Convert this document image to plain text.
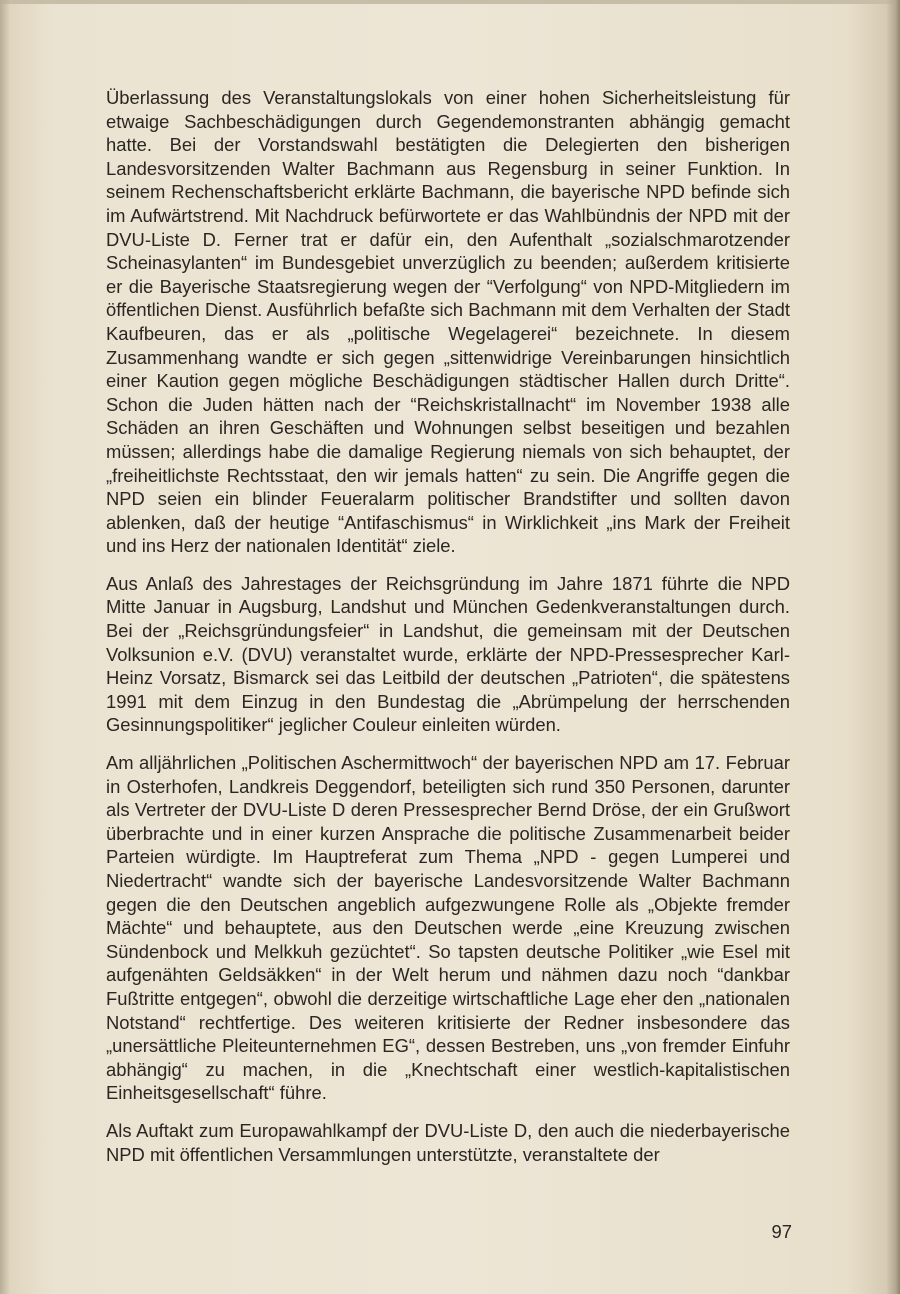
Überlassung des Veranstaltungslokals von einer hohen Sicherheitsleistung für etwaige Sachbeschädigungen durch Gegendemonstranten abhängig gemacht hatte. Bei der Vorstandswahl bestätigten die Delegierten den bisherigen Landesvorsitzenden Walter Bachmann aus Regensburg in seiner Funktion. In seinem Rechenschaftsbericht erklärte Bachmann, die bayerische NPD befinde sich im Aufwärtstrend. Mit Nachdruck befürwortete er das Wahlbündnis der NPD mit der DVU-Liste D. Ferner trat er dafür ein, den Aufenthalt „sozialschmarotzender Scheinasylanten“ im Bundesgebiet unverzüglich zu beenden; außerdem kritisierte er die Bayerische Staatsregierung wegen der “Verfolgung“ von NPD-Mitgliedern im öffentlichen Dienst. Ausführlich befaßte sich Bachmann mit dem Verhalten der Stadt Kaufbeuren, das er als „politische Wegelagerei“ bezeichnete. In diesem Zusammenhang wandte er sich gegen „sittenwidrige Vereinbarungen hinsichtlich einer Kaution gegen mögliche Beschädigungen städtischer Hallen durch Dritte“. Schon die Juden hätten nach der “Reichskristallnacht“ im November 1938 alle Schäden an ihren Geschäften und Wohnungen selbst beseitigen und bezahlen müssen; allerdings habe die damalige Regierung niemals von sich behauptet, der „freiheitlichste Rechtsstaat, den wir jemals hatten“ zu sein. Die Angriffe gegen die NPD seien ein blinder Feueralarm politischer Brandstifter und sollten davon ablenken, daß der heutige “Antifaschismus“ in Wirklichkeit „ins Mark der Freiheit und ins Herz der nationalen Identität“ ziele.

Aus Anlaß des Jahrestages der Reichsgründung im Jahre 1871 führte die NPD Mitte Januar in Augsburg, Landshut und München Gedenkveranstaltungen durch. Bei der „Reichsgründungsfeier“ in Landshut, die gemeinsam mit der Deutschen Volksunion e.V. (DVU) veranstaltet wurde, erklärte der NPD-Pressesprecher Karl-Heinz Vorsatz, Bismarck sei das Leitbild der deutschen „Patrioten“, die spätestens 1991 mit dem Einzug in den Bundestag die „Abrümpelung der herrschenden Gesinnungspolitiker“ jeglicher Couleur einleiten würden.

Am alljährlichen „Politischen Aschermittwoch“ der bayerischen NPD am 17. Februar in Osterhofen, Landkreis Deggendorf, beteiligten sich rund 350 Personen, darunter als Vertreter der DVU-Liste D deren Pressesprecher Bernd Dröse, der ein Grußwort überbrachte und in einer kurzen Ansprache die politische Zusammenarbeit beider Parteien würdigte. Im Hauptreferat zum Thema „NPD - gegen Lumperei und Niedertracht“ wandte sich der bayerische Landesvorsitzende Walter Bachmann gegen die den Deutschen angeblich aufgezwungene Rolle als „Objekte fremder Mächte“ und behauptete, aus den Deutschen werde „eine Kreuzung zwischen Sündenbock und Melkkuh gezüchtet“. So tapsten deutsche Politiker „wie Esel mit aufgenähten Geldsäkken“ in der Welt herum und nähmen dazu noch “dankbar Fußtritte entgegen“, obwohl die derzeitige wirtschaftliche Lage eher den „nationalen Notstand“ rechtfertige. Des weiteren kritisierte der Redner insbesondere das „unersättliche Pleiteunternehmen EG“, dessen Bestreben, uns „von fremder Einfuhr abhängig“ zu machen, in die „Knechtschaft einer westlich-kapitalistischen Einheitsgesellschaft“ führe.

Als Auftakt zum Europawahlkampf der DVU-Liste D, den auch die niederbayerische NPD mit öffentlichen Versammlungen unterstützte, veranstaltete der

97
